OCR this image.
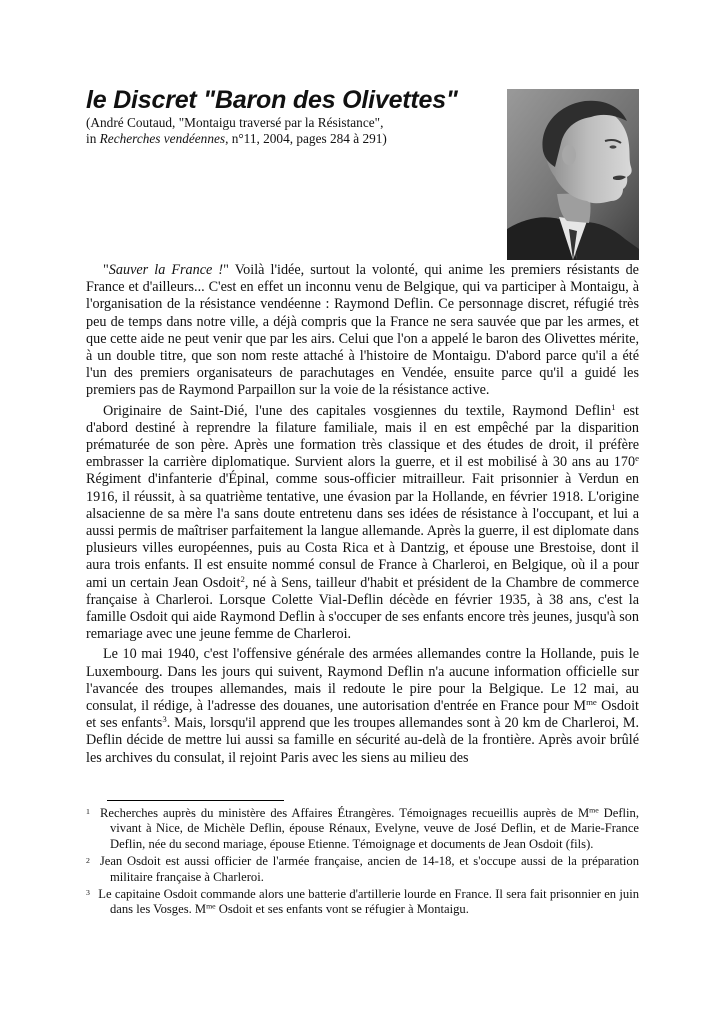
le Discret "Baron des Olivettes"
(André Coutaud, "Montaigu traversé par la Résistance",
in Recherches vendéennes, n°11, 2004, pages 284 à 291)

"Sauver la France !" Voilà l'idée, surtout la volonté, qui anime les premiers résistants de France et d'ailleurs... C'est en effet un inconnu venu de Belgique, qui va participer à Montaigu, à l'organisation de la résistance vendéenne : Raymond Deflin. Ce personnage discret, réfugié très peu de temps dans notre ville, a déjà compris que la France ne sera sauvée que par les armes, et que cette aide ne peut venir que par les airs. Celui que l'on a appelé le baron des Olivettes mérite, à un double titre, que son nom reste attaché à l'histoire de Montaigu. D'abord parce qu'il a été l'un des premiers organisateurs de parachutages en Vendée, ensuite parce qu'il a guidé les premiers pas de Raymond Parpaillon sur la voie de la résistance active.

Originaire de Saint-Dié, l'une des capitales vosgiennes du textile, Raymond Deflin$^1$ est d'abord destiné à reprendre la filature familiale, mais il en est empêché par la disparition prématurée de son père. Après une formation très classique et des études de droit, il préfère embrasser la carrière diplomatique. Survient alors la guerre, et il est mobilisé à 30 ans au 170e Régiment d'infanterie d'Épinal, comme sous-officier mitrailleur. Fait prisonnier à Verdun en 1916, il réussit, à sa quatrième tentative, une évasion par la Hollande, en février 1918. L'origine alsacienne de sa mère l'a sans doute entretenu dans ses idées de résistance à l'occupant, et lui a aussi permis de maîtriser parfaitement la langue allemande. Après la guerre, il est diplomate dans plusieurs villes européennes, puis au Costa Rica et à Dantzig, et épouse une Brestoise, dont il aura trois enfants. Il est ensuite nommé consul de France à Charleroi, en Belgique, où il a pour ami un certain Jean Osdoit$^2$, né à Sens, tailleur d'habit et président de la Chambre de commerce française à Charleroi. Lorsque Colette Vial-Deflin décède en février 1935, à 38 ans, c'est la famille Osdoit qui aide Raymond Deflin à s'occuper de ses enfants encore très jeunes, jusqu'à son remariage avec une jeune femme de Charleroi.

Le 10 mai 1940, c'est l'offensive générale des armées allemandes contre la Hollande, puis le Luxembourg. Dans les jours qui suivent, Raymond Deflin n'a aucune information officielle sur l'avancée des troupes allemandes, mais il redoute le pire pour la Belgique. Le 12 mai, au consulat, il rédige, à l'adresse des douanes, une autorisation d'entrée en France pour $M^{me}$ Osdoit et ses enfants$^3$. Mais, lorsqu'il apprend que les troupes allemandes sont à 20 km de Charleroi, M. Deflin décide de mettre lui aussi sa famille en sécurité au-delà de la frontière. Après avoir brûlé les archives du consulat, il rejoint Paris avec les siens au milieu des

$^1$ Recherches auprès du ministère des Affaires Étrangères. Témoignages recueillis auprès de $M^{me}$ Deflin, vivant à Nice, de Michèle Deflin, épouse Rénaux, Evelyne, veuve de José Deflin, et de Marie-France Deflin, née du second mariage, épouse Etienne. Témoignage et documents de Jean Osdoit (fils).

$^2$ Jean Osdoit est aussi officier de l'armée française, ancien de 14-18, et s'occupe aussi de la préparation militaire française à Charleroi.

$^3$ Le capitaine Osdoit commande alors une batterie d'artillerie lourde en France. Il sera fait prisonnier en juin dans les Vosges. $M^{me}$ Osdoit et ses enfants vont se réfugier à Montaigu.
